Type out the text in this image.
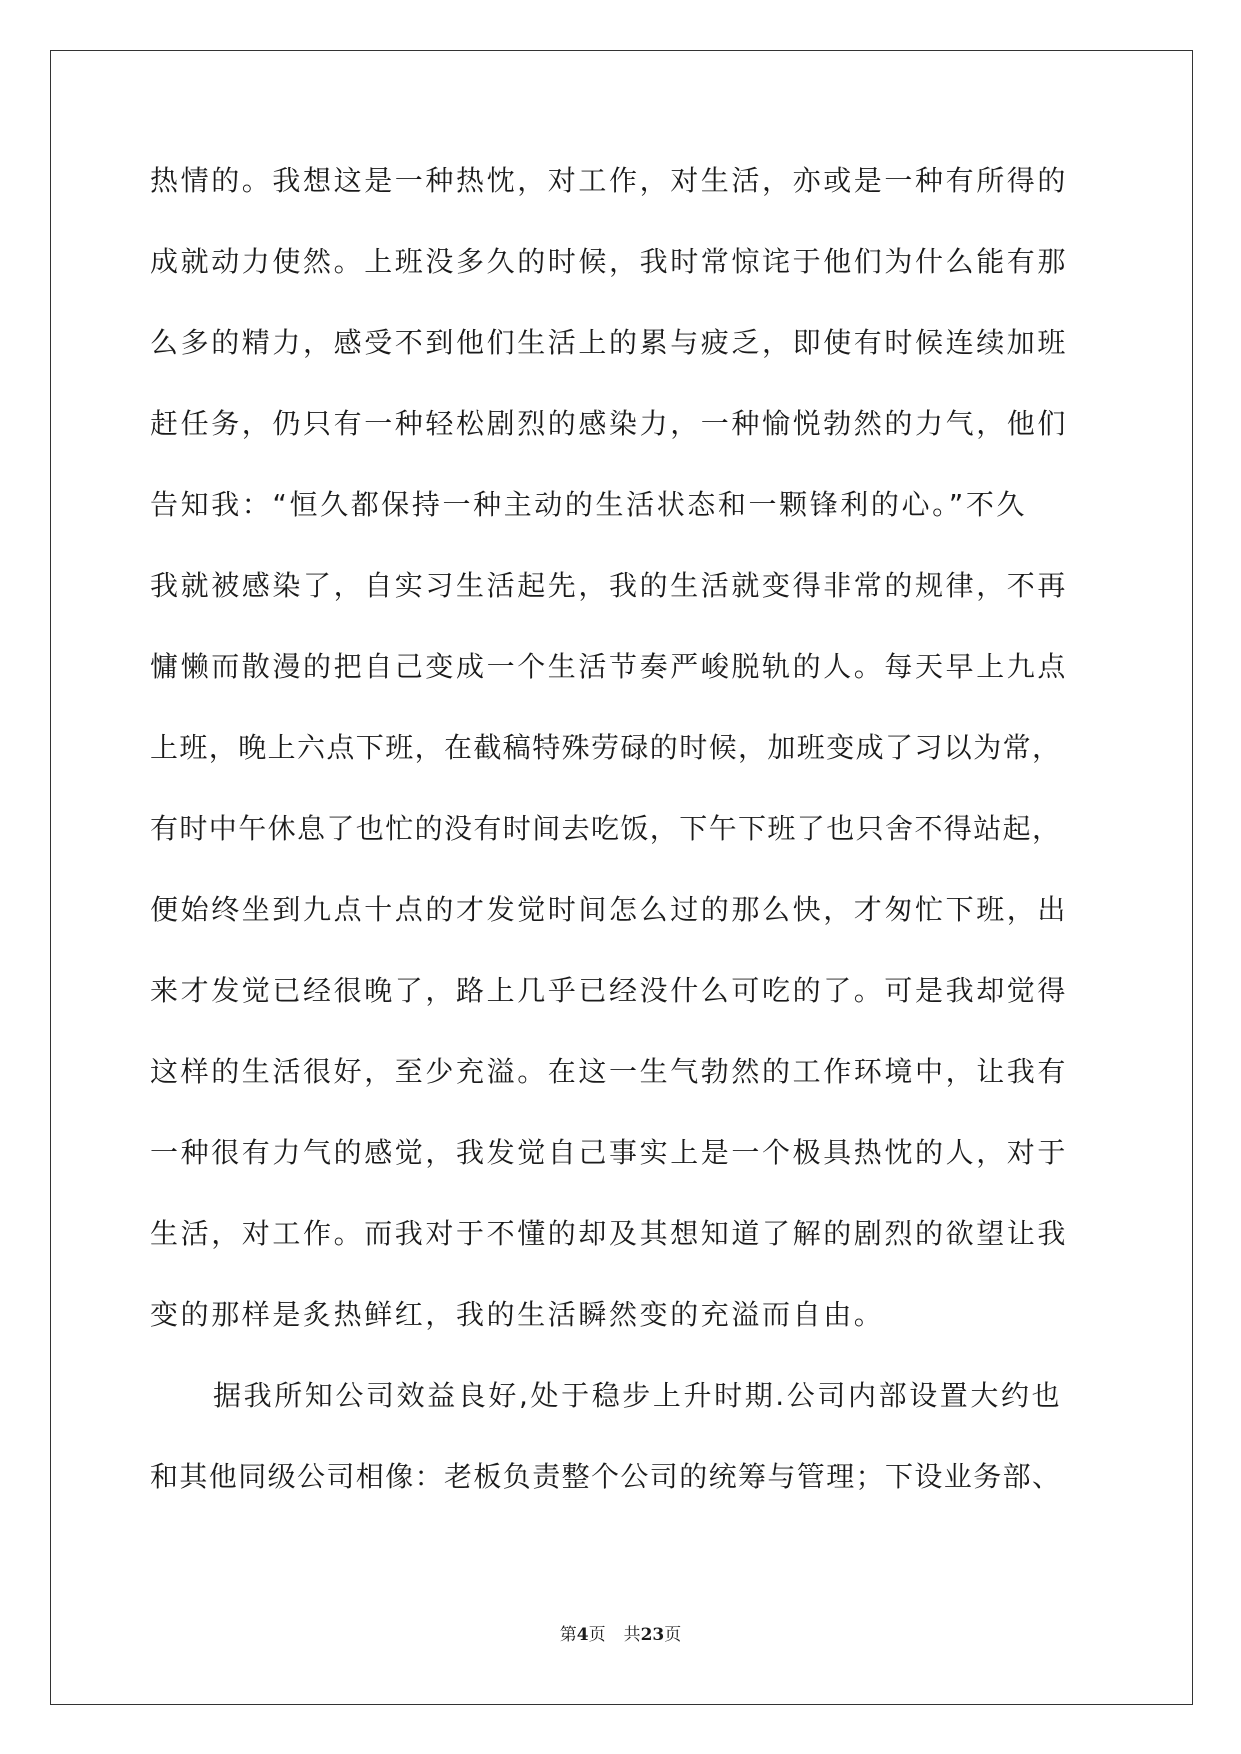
热情的。我想这是一种热忱，对工作，对生活，亦或是一种有所得的
成就动力使然。上班没多久的时候，我时常惊诧于他们为什么能有那
么多的精力，感受不到他们生活上的累与疲乏，即使有时候连续加班
赶任务，仍只有一种轻松剧烈的感染力，一种愉悦勃然的力气，他们
告知我：“恒久都保持一种主动的生活状态和一颗锋利的心。”不久
我就被感染了，自实习生活起先，我的生活就变得非常的规律，不再
慵懒而散漫的把自己变成一个生活节奏严峻脱轨的人。每天早上九点
上班，晚上六点下班，在截稿特殊劳碌的时候，加班变成了习以为常，
有时中午休息了也忙的没有时间去吃饭，下午下班了也只舍不得站起，
便始终坐到九点十点的才发觉时间怎么过的那么快，才匆忙下班，出
来才发觉已经很晚了，路上几乎已经没什么可吃的了。可是我却觉得
这样的生活很好，至少充溢。在这一生气勃然的工作环境中，让我有
一种很有力气的感觉，我发觉自己事实上是一个极具热忱的人，对于
生活，对工作。而我对于不懂的却及其想知道了解的剧烈的欲望让我
变的那样是炙热鲜红，我的生活瞬然变的充溢而自由。
据我所知公司效益良好,处于稳步上升时期.公司内部设置大约也
和其他同级公司相像：老板负责整个公司的统筹与管理；下设业务部、
第4页 共23页
